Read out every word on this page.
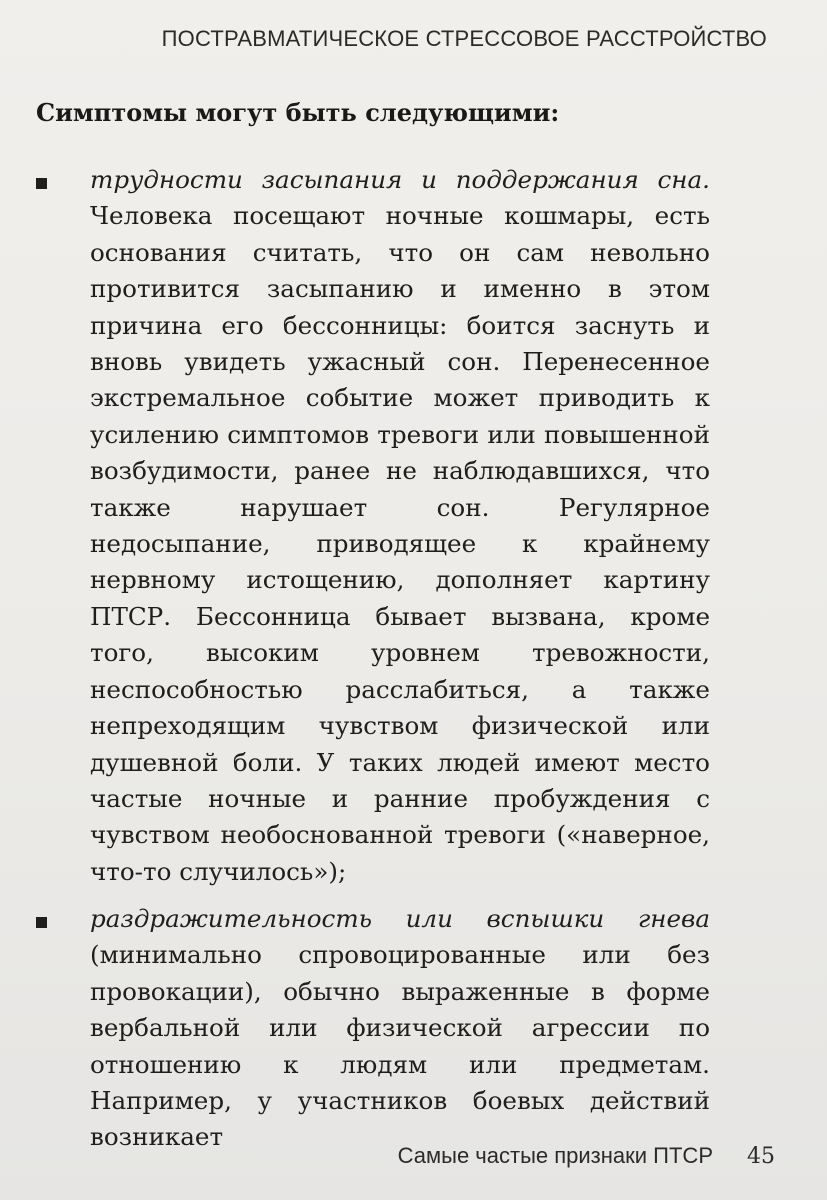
ПОСТРАВМАТИЧЕСКОЕ СТРЕССОВОЕ РАССТРОЙСТВО
Симптомы могут быть следующими:
трудности засыпания и поддержания сна. Человека посещают ночные кошмары, есть основания считать, что он сам невольно противится засыпанию и именно в этом причина его бессонницы: боится заснуть и вновь увидеть ужасный сон. Перенесенное экстремальное событие может приводить к усилению симптомов тревоги или повышенной возбудимости, ранее не наблюдавшихся, что также нарушает сон. Регулярное недосыпание, приводящее к крайнему нервному истощению, дополняет картину ПТСР. Бессонница бывает вызвана, кроме того, высоким уровнем тревожности, неспособностью расслабиться, а также непреходящим чувством физической или душевной боли. У таких людей имеют место частые ночные и ранние пробуждения с чувством необоснованной тревоги («наверное, что-то случилось»);
раздражительность или вспышки гнева (минимально спровоцированные или без провокации), обычно выраженные в форме вербальной или физической агрессии по отношению к людям или предметам. Например, у участников боевых действий возникает
Самые частые признаки ПТСР 45
